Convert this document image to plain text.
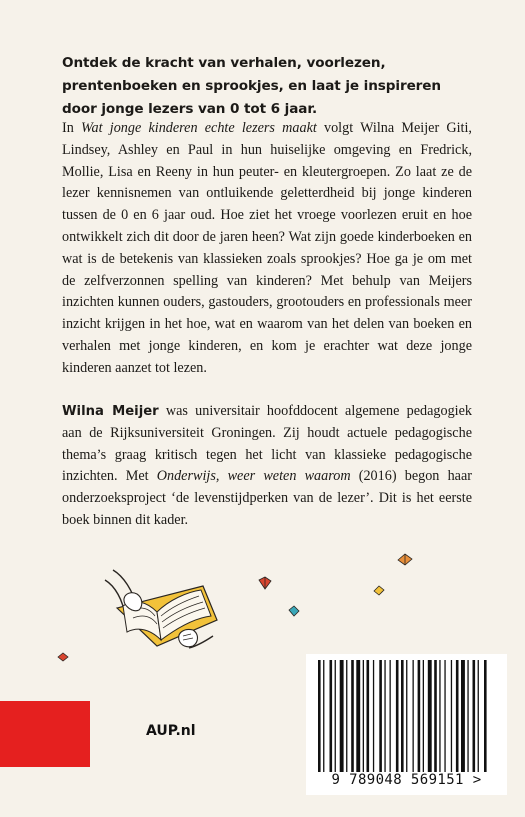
Ontdek de kracht van verhalen, voorlezen, prentenboeken en sprookjes, en laat je inspireren door jonge lezers van 0 tot 6 jaar.
In Wat jonge kinderen echte lezers maakt volgt Wilna Meijer Giti, Lindsey, Ashley en Paul in hun huiselijke omgeving en Fredrick, Mollie, Lisa en Reeny in hun peuter- en kleutergroepen. Zo laat ze de lezer kennisnemen van ontluikende geletterdheid bij jonge kinderen tussen de 0 en 6 jaar oud. Hoe ziet het vroege voorlezen eruit en hoe ontwikkelt zich dit door de jaren heen? Wat zijn goede kinderboeken en wat is de betekenis van klassieken zoals sprookjes? Hoe ga je om met de zelfverzonnen spelling van kinderen? Met behulp van Meijers inzichten kunnen ouders, gastouders, grootouders en professionals meer inzicht krijgen in het hoe, wat en waarom van het delen van boeken en verhalen met jonge kinderen, en kom je erachter wat deze jonge kinderen aanzet tot lezen.
Wilna Meijer was universitair hoofddocent algemene pedagogiek aan de Rijksuniversiteit Groningen. Zij houdt actuele pedagogische thema’s graag kritisch tegen het licht van klassieke pedagogische inzichten. Met Onderwijs, weer weten waarom (2016) begon haar onderzoeksproject ‘de levenstijdperken van de lezer’. Dit is het eerste boek binnen dit kader.
AUP.nl
9 789048 569151 >
